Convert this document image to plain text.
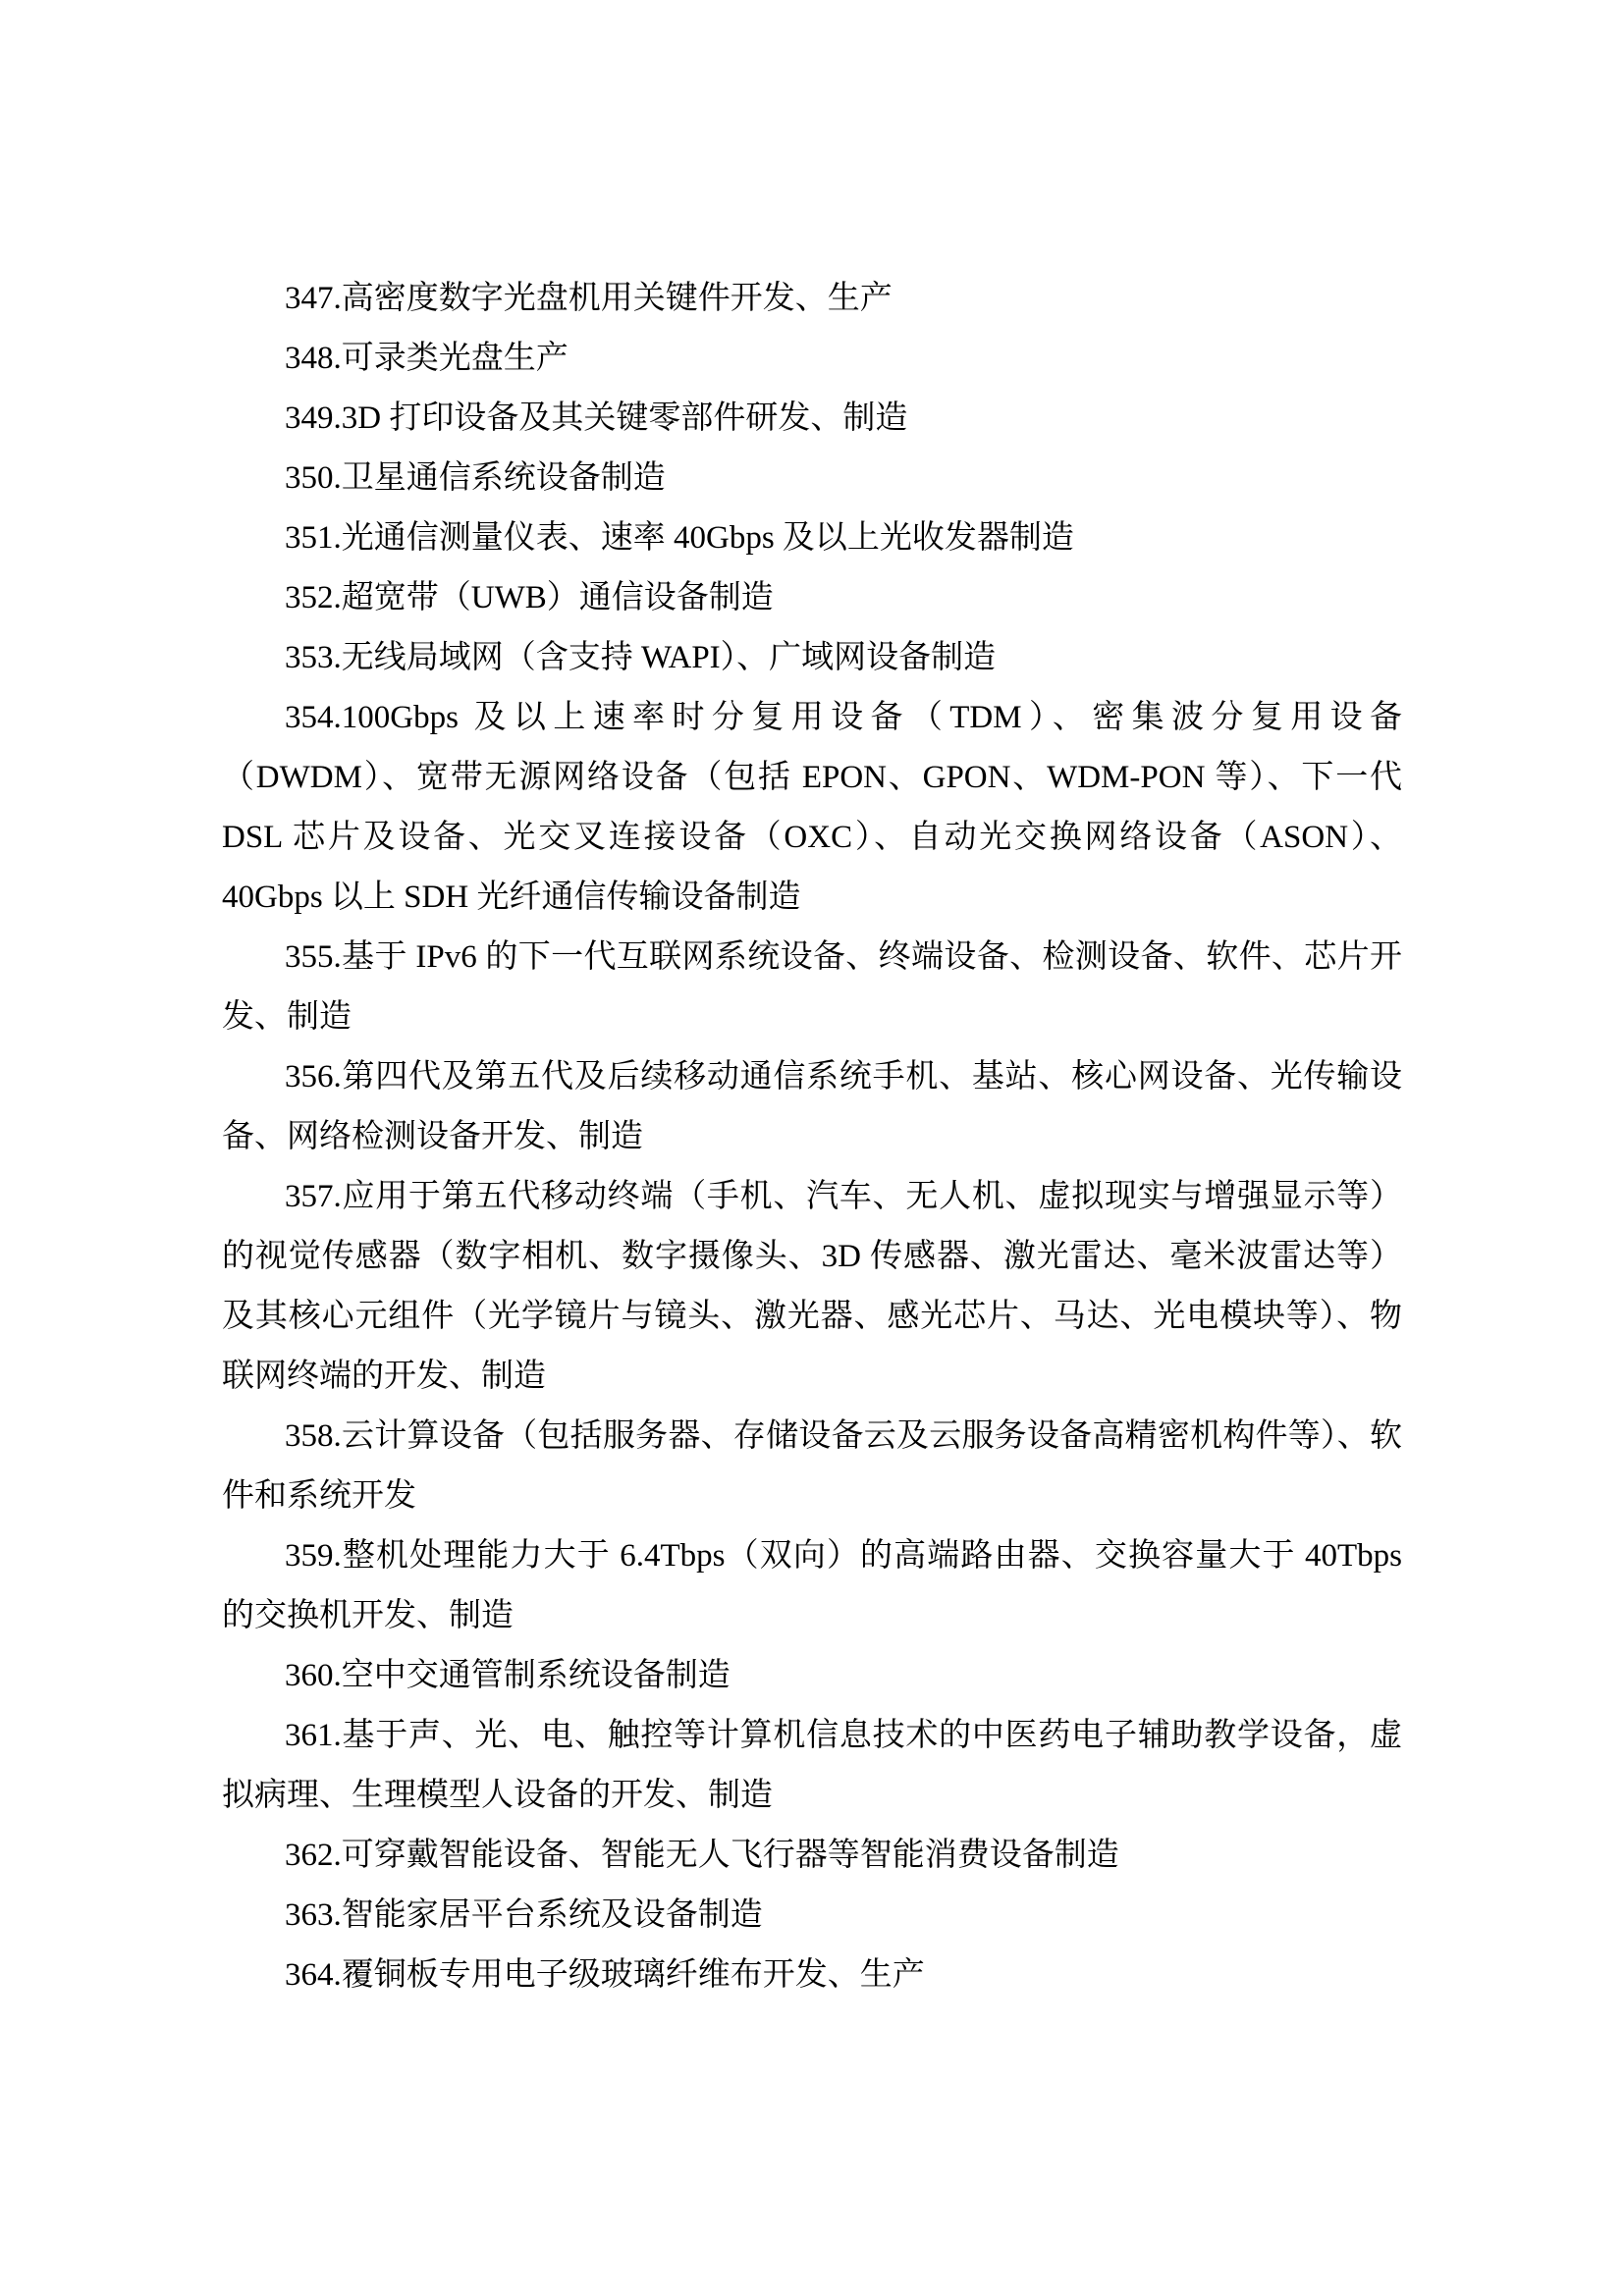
347.高密度数字光盘机用关键件开发、生产

348.可录类光盘生产

349.3D 打印设备及其关键零部件研发、制造

350.卫星通信系统设备制造

351.光通信测量仪表、速率 40Gbps 及以上光收发器制造

352.超宽带（UWB）通信设备制造

353.无线局域网（含支持 WAPI）、广域网设备制造

354.100Gbps 及以上速率时分复用设备（TDM）、密集波分复用设备（DWDM）、宽带无源网络设备（包括 EPON、GPON、WDM-PON 等）、下一代 DSL 芯片及设备、光交叉连接设备（OXC）、自动光交换网络设备（ASON）、40Gbps 以上 SDH 光纤通信传输设备制造

355.基于 IPv6 的下一代互联网系统设备、终端设备、检测设备、软件、芯片开发、制造

356.第四代及第五代及后续移动通信系统手机、基站、核心网设备、光传输设备、网络检测设备开发、制造

357.应用于第五代移动终端（手机、汽车、无人机、虚拟现实与增强显示等）的视觉传感器（数字相机、数字摄像头、3D 传感器、激光雷达、毫米波雷达等）及其核心元组件（光学镜片与镜头、激光器、感光芯片、马达、光电模块等）、物联网终端的开发、制造

358.云计算设备（包括服务器、存储设备云及云服务设备高精密机构件等）、软件和系统开发

359.整机处理能力大于 6.4Tbps（双向）的高端路由器、交换容量大于 40Tbps 的交换机开发、制造

360.空中交通管制系统设备制造

361.基于声、光、电、触控等计算机信息技术的中医药电子辅助教学设备，虚拟病理、生理模型人设备的开发、制造

362.可穿戴智能设备、智能无人飞行器等智能消费设备制造

363.智能家居平台系统及设备制造

364.覆铜板专用电子级玻璃纤维布开发、生产
